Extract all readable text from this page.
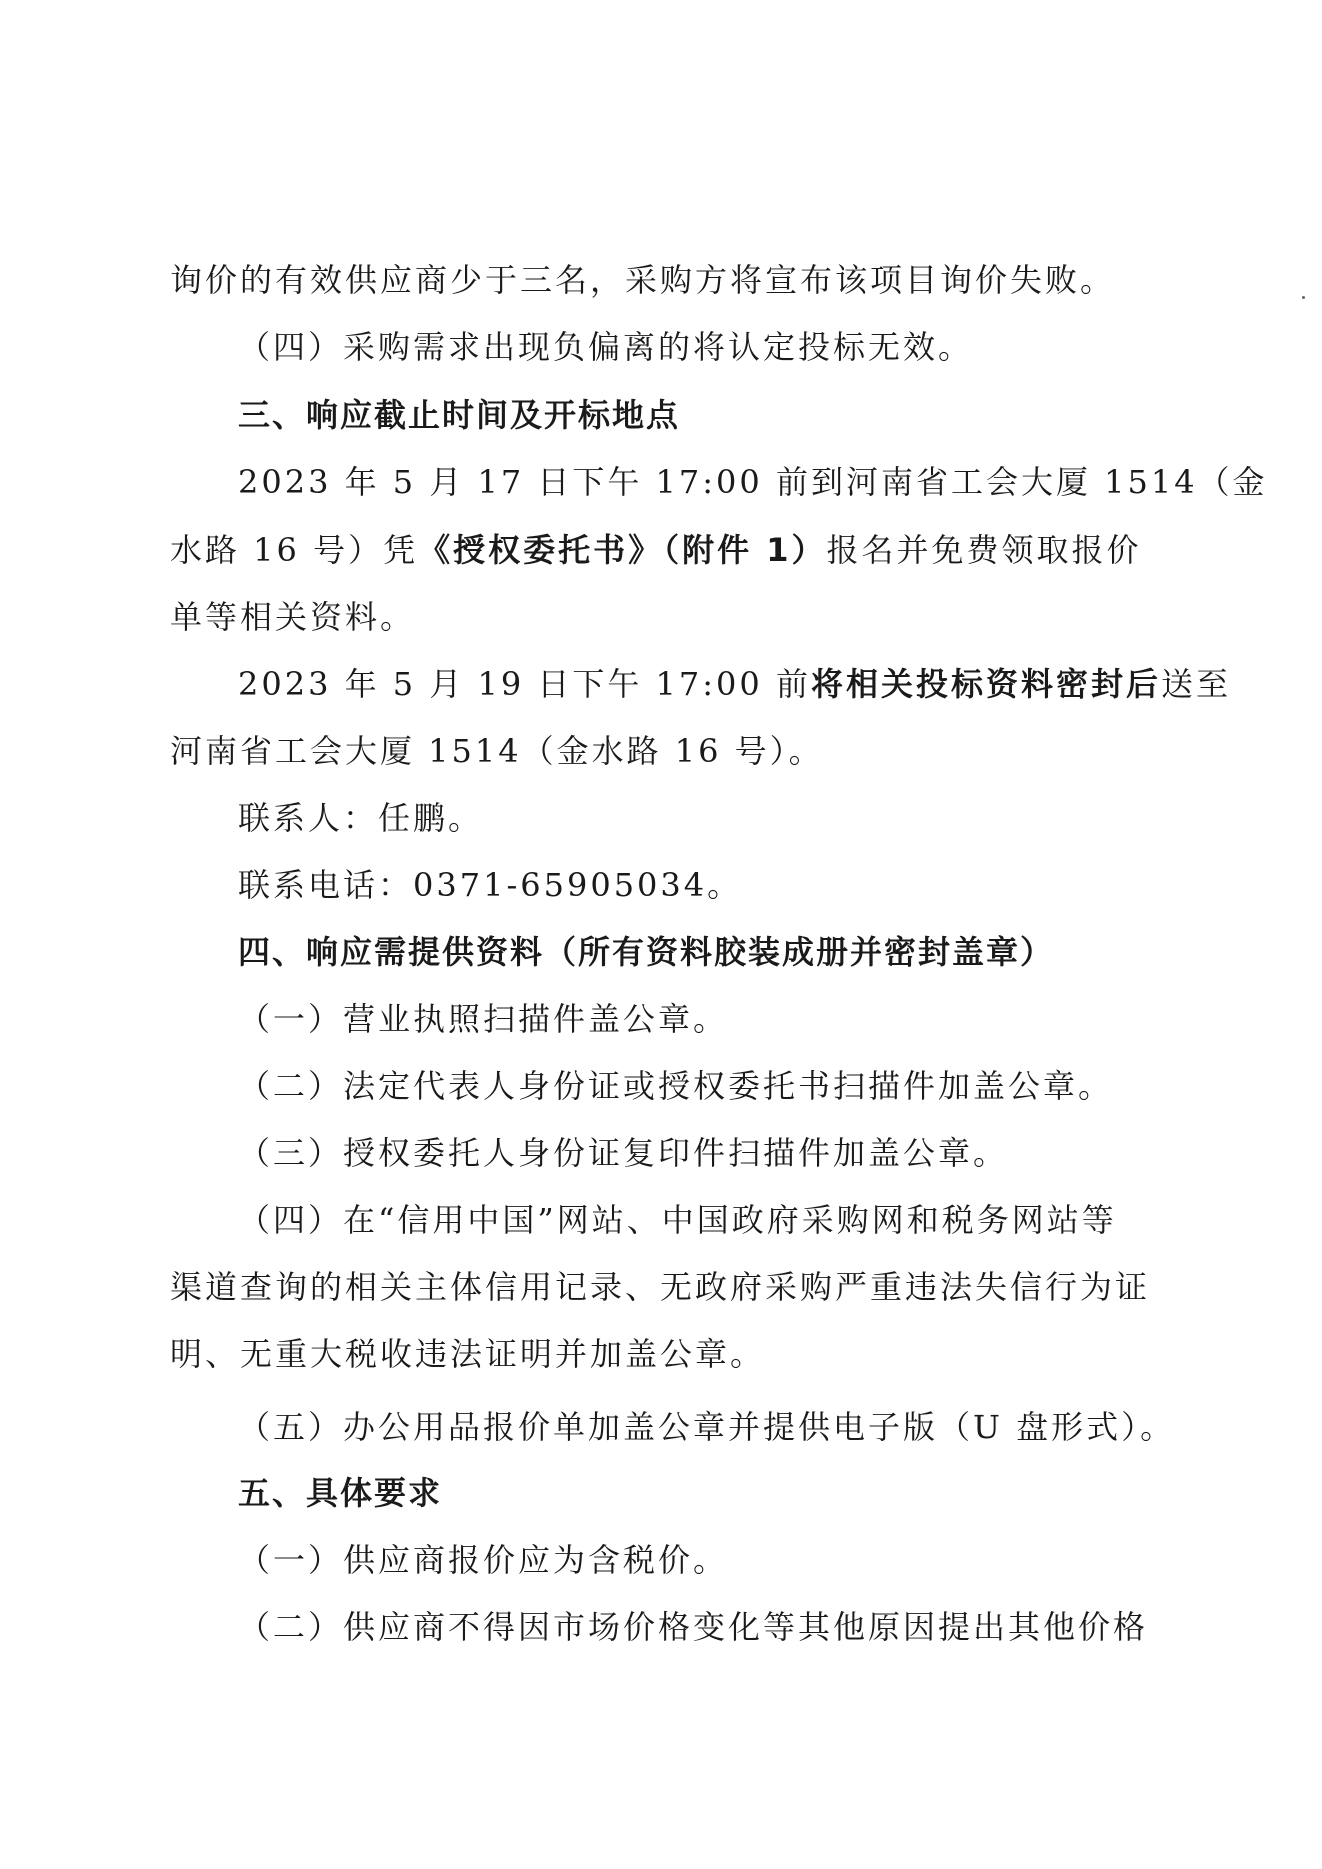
询价的有效供应商少于三名，采购方将宣布该项目询价失败。
（四）采购需求出现负偏离的将认定投标无效。
三、响应截止时间及开标地点
2023 年 5 月 17 日下午 17:00 前到河南省工会大厦 1514（金
水路 16 号）凭《授权委托书》（附件 1）报名并免费领取报价
单等相关资料。
2023 年 5 月 19 日下午 17:00 前将相关投标资料密封后送至
河南省工会大厦 1514（金水路 16 号）。
联系人：任鹏。
联系电话：0371-65905034。
四、响应需提供资料（所有资料胶装成册并密封盖章）
（一）营业执照扫描件盖公章。
（二）法定代表人身份证或授权委托书扫描件加盖公章。
（三）授权委托人身份证复印件扫描件加盖公章。
（四）在“信用中国”网站、中国政府采购网和税务网站等
渠道查询的相关主体信用记录、无政府采购严重违法失信行为证
明、无重大税收违法证明并加盖公章。
（五）办公用品报价单加盖公章并提供电子版（U 盘形式）。
五、具体要求
（一）供应商报价应为含税价。
（二）供应商不得因市场价格变化等其他原因提出其他价格
